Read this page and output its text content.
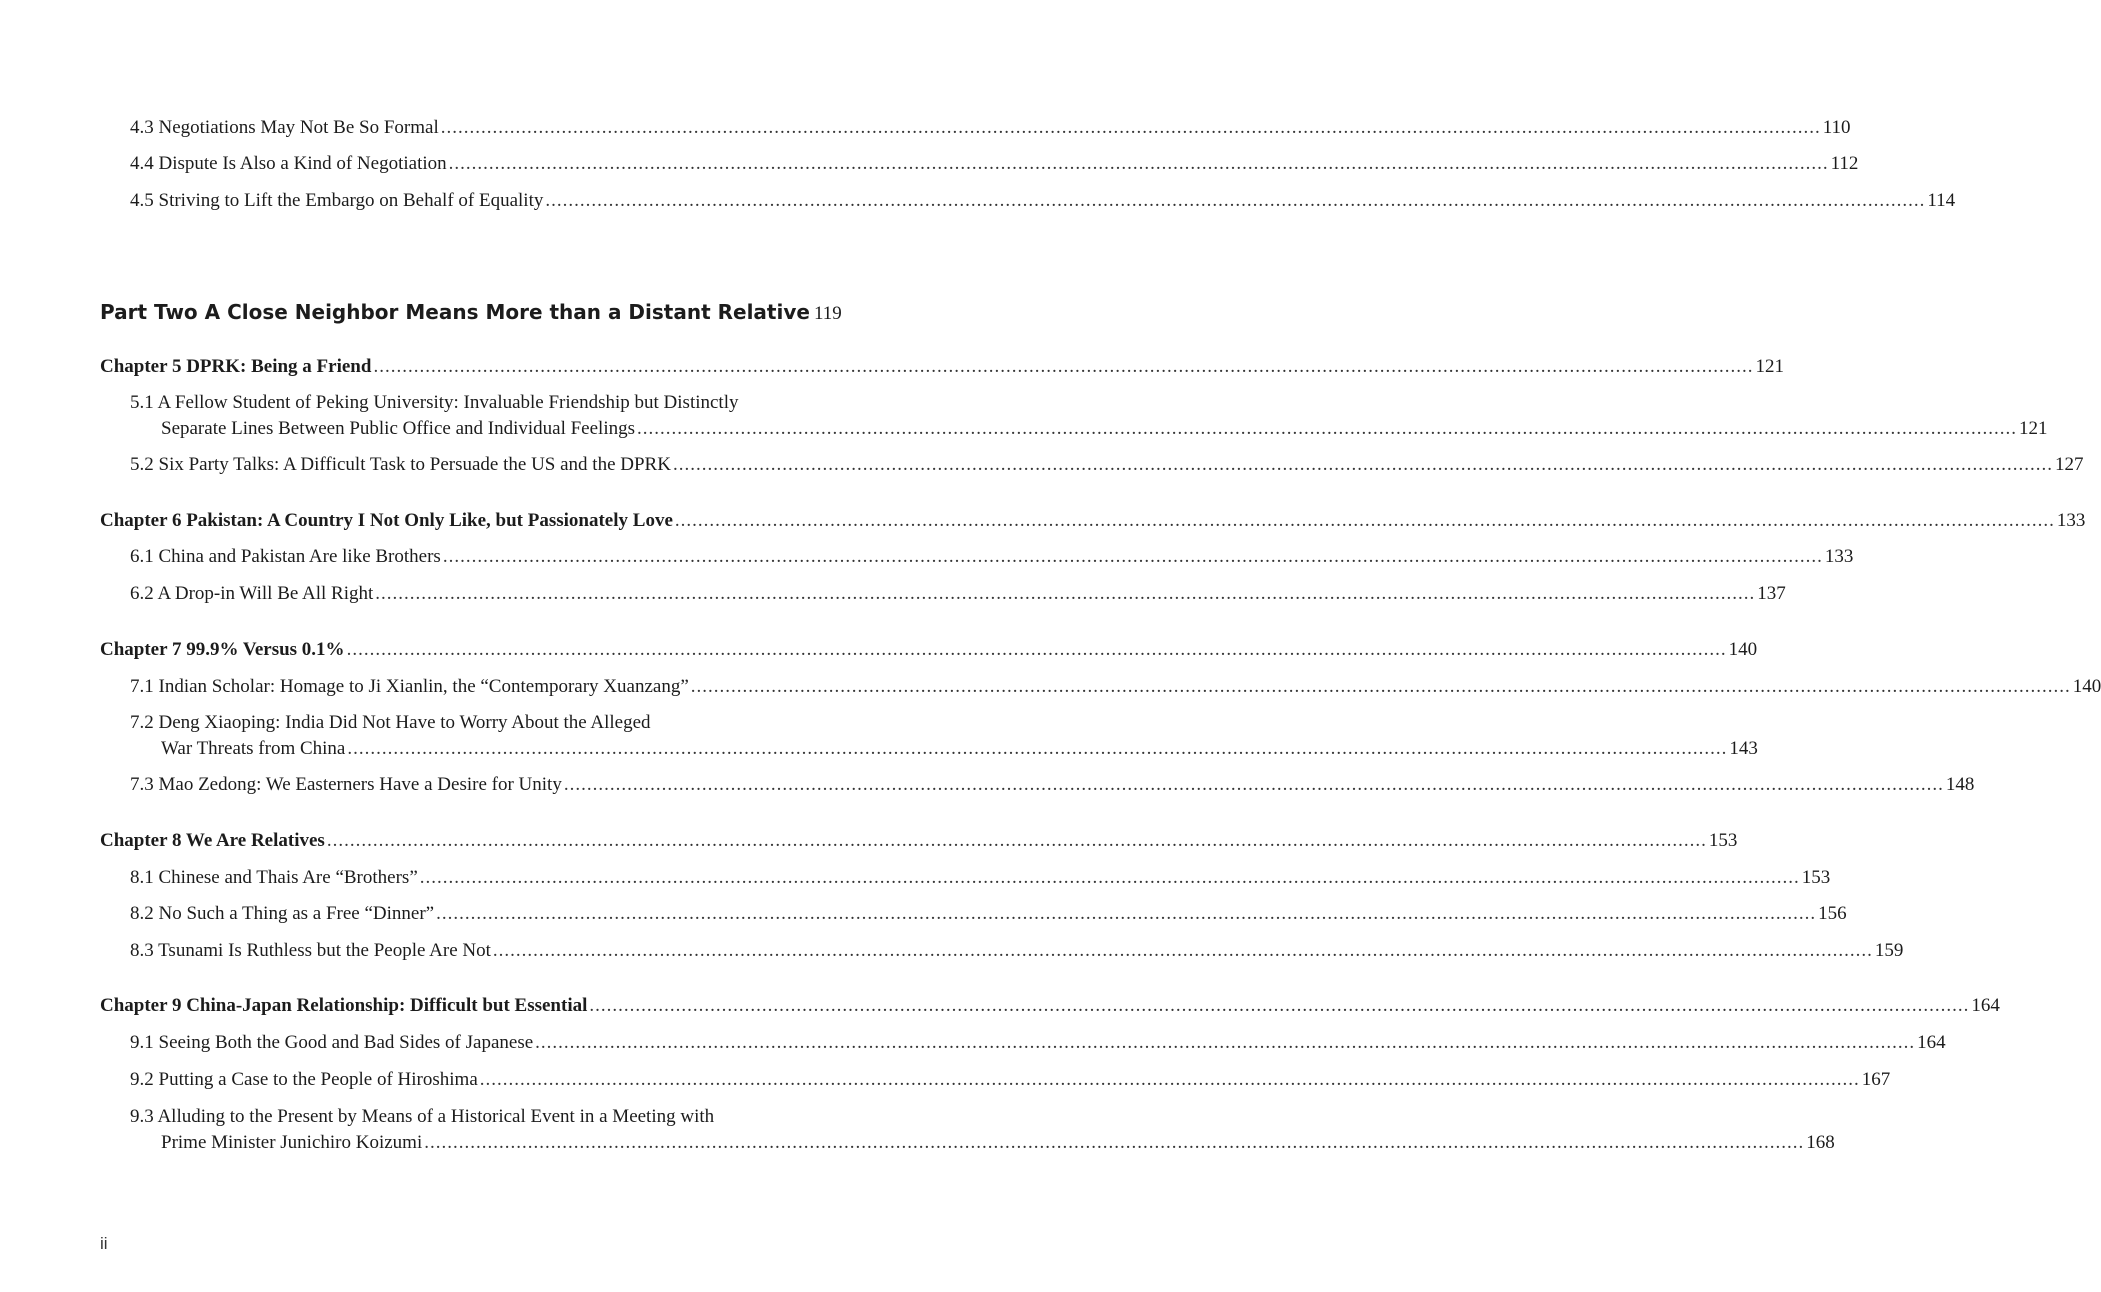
4.3 Negotiations May Not Be So Formal .....	110
4.4 Dispute Is Also a Kind of Negotiation .....	112
4.5 Striving to Lift the Embargo on Behalf of Equality .....	114
Part Two A Close Neighbor Means More than a Distant Relative 119
Chapter 5 DPRK: Being a Friend .....	121
5.1 A Fellow Student of Peking University: Invaluable Friendship but Distinctly
Separate Lines Between Public Office and Individual Feelings .....	121
5.2 Six Party Talks: A Difficult Task to Persuade the US and the DPRK .....	127
Chapter 6 Pakistan: A Country I Not Only Like, but Passionately Love .....	133
6.1 China and Pakistan Are like Brothers .....	133
6.2 A Drop-in Will Be All Right .....	137
Chapter 7 99.9% Versus 0.1% .....	140
7.1 Indian Scholar: Homage to Ji Xianlin, the “Contemporary Xuanzang” .....	140
7.2 Deng Xiaoping: India Did Not Have to Worry About the Alleged
War Threats from China .....	143
7.3 Mao Zedong: We Easterners Have a Desire for Unity .....	148
Chapter 8 We Are Relatives .....	153
8.1 Chinese and Thais Are “Brothers” .....	153
8.2 No Such a Thing as a Free “Dinner” .....	156
8.3 Tsunami Is Ruthless but the People Are Not .....	159
Chapter 9 China-Japan Relationship: Difficult but Essential .....	164
9.1 Seeing Both the Good and Bad Sides of Japanese .....	164
9.2 Putting a Case to the People of Hiroshima .....	167
9.3 Alluding to the Present by Means of a Historical Event in a Meeting with
Prime Minister Junichiro Koizumi .....	168
ii
